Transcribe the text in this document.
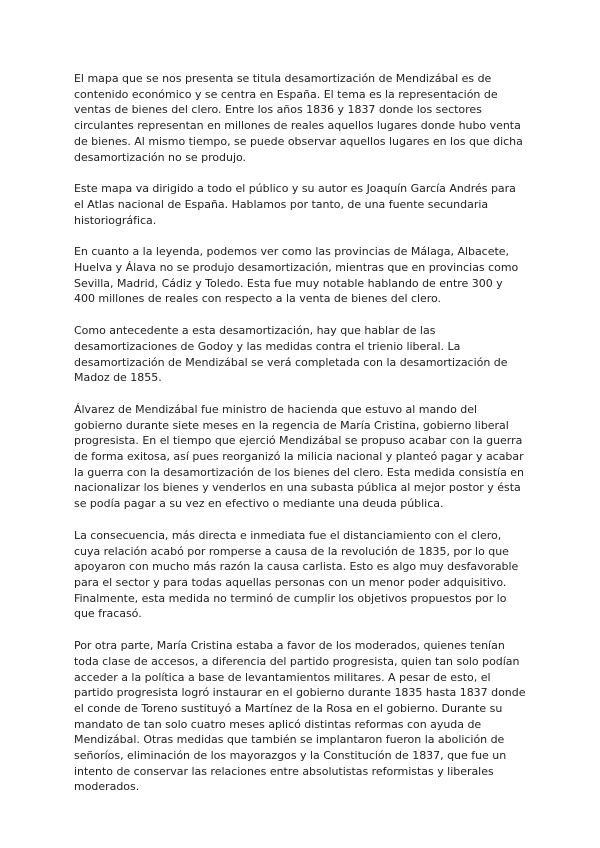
El mapa que se nos presenta se titula desamortización de Mendizábal es de contenido económico y se centra en España. El tema es la representación de ventas de bienes del clero. Entre los años 1836 y 1837 donde los sectores circulantes representan en millones de reales aquellos lugares donde hubo venta de bienes. Al mismo tiempo, se puede observar aquellos lugares en los que dicha desamortización no se produjo.

Este mapa va dirigido a todo el público y su autor es Joaquín García Andrés para el Atlas nacional de España. Hablamos por tanto, de una fuente secundaria historiográfica.

En cuanto a la leyenda, podemos ver como las provincias de Málaga, Albacete, Huelva y Álava no se produjo desamortización, mientras que en provincias como Sevilla, Madrid, Cádiz y Toledo. Esta fue muy notable hablando de entre 300 y 400 millones de reales con respecto a la venta de bienes del clero.

Como antecedente a esta desamortización, hay que hablar de las desamortizaciones de Godoy y las medidas contra el trienio liberal. La desamortización de Mendizábal se verá completada con la desamortización de Madoz de 1855.

Álvarez de Mendizábal fue ministro de hacienda que estuvo al mando del gobierno durante siete meses en la regencia de María Cristina, gobierno liberal progresista. En el tiempo que ejerció Mendizábal se propuso acabar con la guerra de forma exitosa, así pues reorganizó la milicia nacional y planteó pagar y acabar la guerra con la desamortización de los bienes del clero. Esta medida consistía en nacionalizar los bienes y venderlos en una subasta pública al mejor postor y ésta se podía pagar a su vez en efectivo o mediante una deuda pública.

La consecuencia, más directa e inmediata fue el distanciamiento con el clero, cuya relación acabó por romperse a causa de la revolución de 1835, por lo que apoyaron con mucho más razón la causa carlista. Esto es algo muy desfavorable para el sector y para todas aquellas personas con un menor poder adquisitivo. Finalmente, esta medida no terminó de cumplir los objetivos propuestos por lo que fracasó.

Por otra parte, María Cristina estaba a favor de los moderados, quienes tenían toda clase de accesos, a diferencia del partido progresista, quien tan solo podían acceder a la política a base de levantamientos militares. A pesar de esto, el partido progresista logró instaurar en el gobierno durante 1835 hasta 1837 donde el conde de Toreno sustituyó a Martínez de la Rosa en el gobierno. Durante su mandato de tan solo cuatro meses aplicó distintas reformas con ayuda de Mendizábal. Otras medidas que también se implantaron fueron la abolición de señoríos, eliminación de los mayorazgos y la Constitución de 1837, que fue un intento de conservar las relaciones entre absolutistas reformistas y liberales moderados.
